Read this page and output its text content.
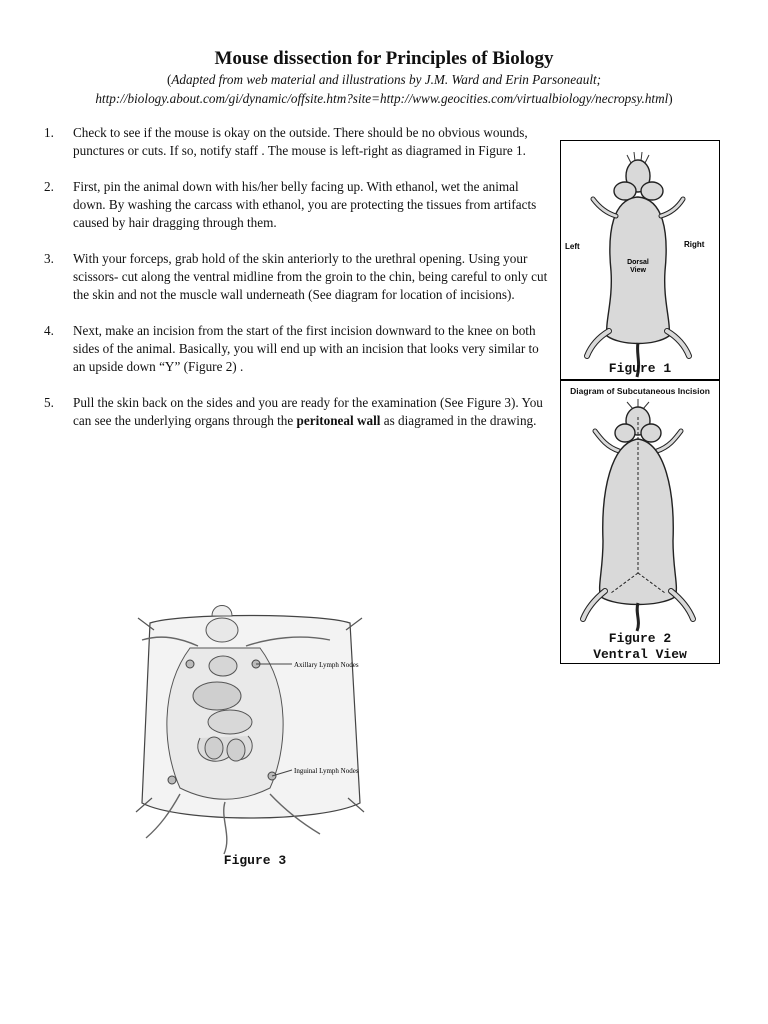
Mouse dissection for Principles of Biology
(Adapted from web material and illustrations by J.M. Ward and Erin Parsoneault;
http://biology.about.com/gi/dynamic/offsite.htm?site=http://www.geocities.com/virtualbiology/necropsy.html)
1. Check to see if the mouse is okay on the outside. There should be no obvious wounds, punctures or cuts. If so, notify staff . The mouse is left-right as diagramed in Figure 1.
2. First, pin the animal down with his/her belly facing up. With ethanol, wet the animal down. By washing the carcass with ethanol, you are protecting the tissues from artifacts caused by hair dragging through them.
3. With your forceps, grab hold of the skin anteriorly to the urethral opening. Using your scissors- cut along the ventral midline from the groin to the chin, being careful to only cut the skin and not the muscle wall underneath (See diagram for location of incisions).
4. Next, make an incision from the start of the first incision downward to the knee on both sides of the animal. Basically, you will end up with an incision that looks very similar to an upside down “Y” (Figure 2) .
5. Pull the skin back on the sides and you are ready for the examination (See Figure 3). You can see the underlying organs through the peritoneal wall as diagramed in the drawing.
Left	Right
Dorsal
View
Figure 1
Diagram of Subcutaneous Incision
Figure 2
Ventral View
Axillary Lymph Nodes
Inguinal Lymph Nodes
Figure 3
